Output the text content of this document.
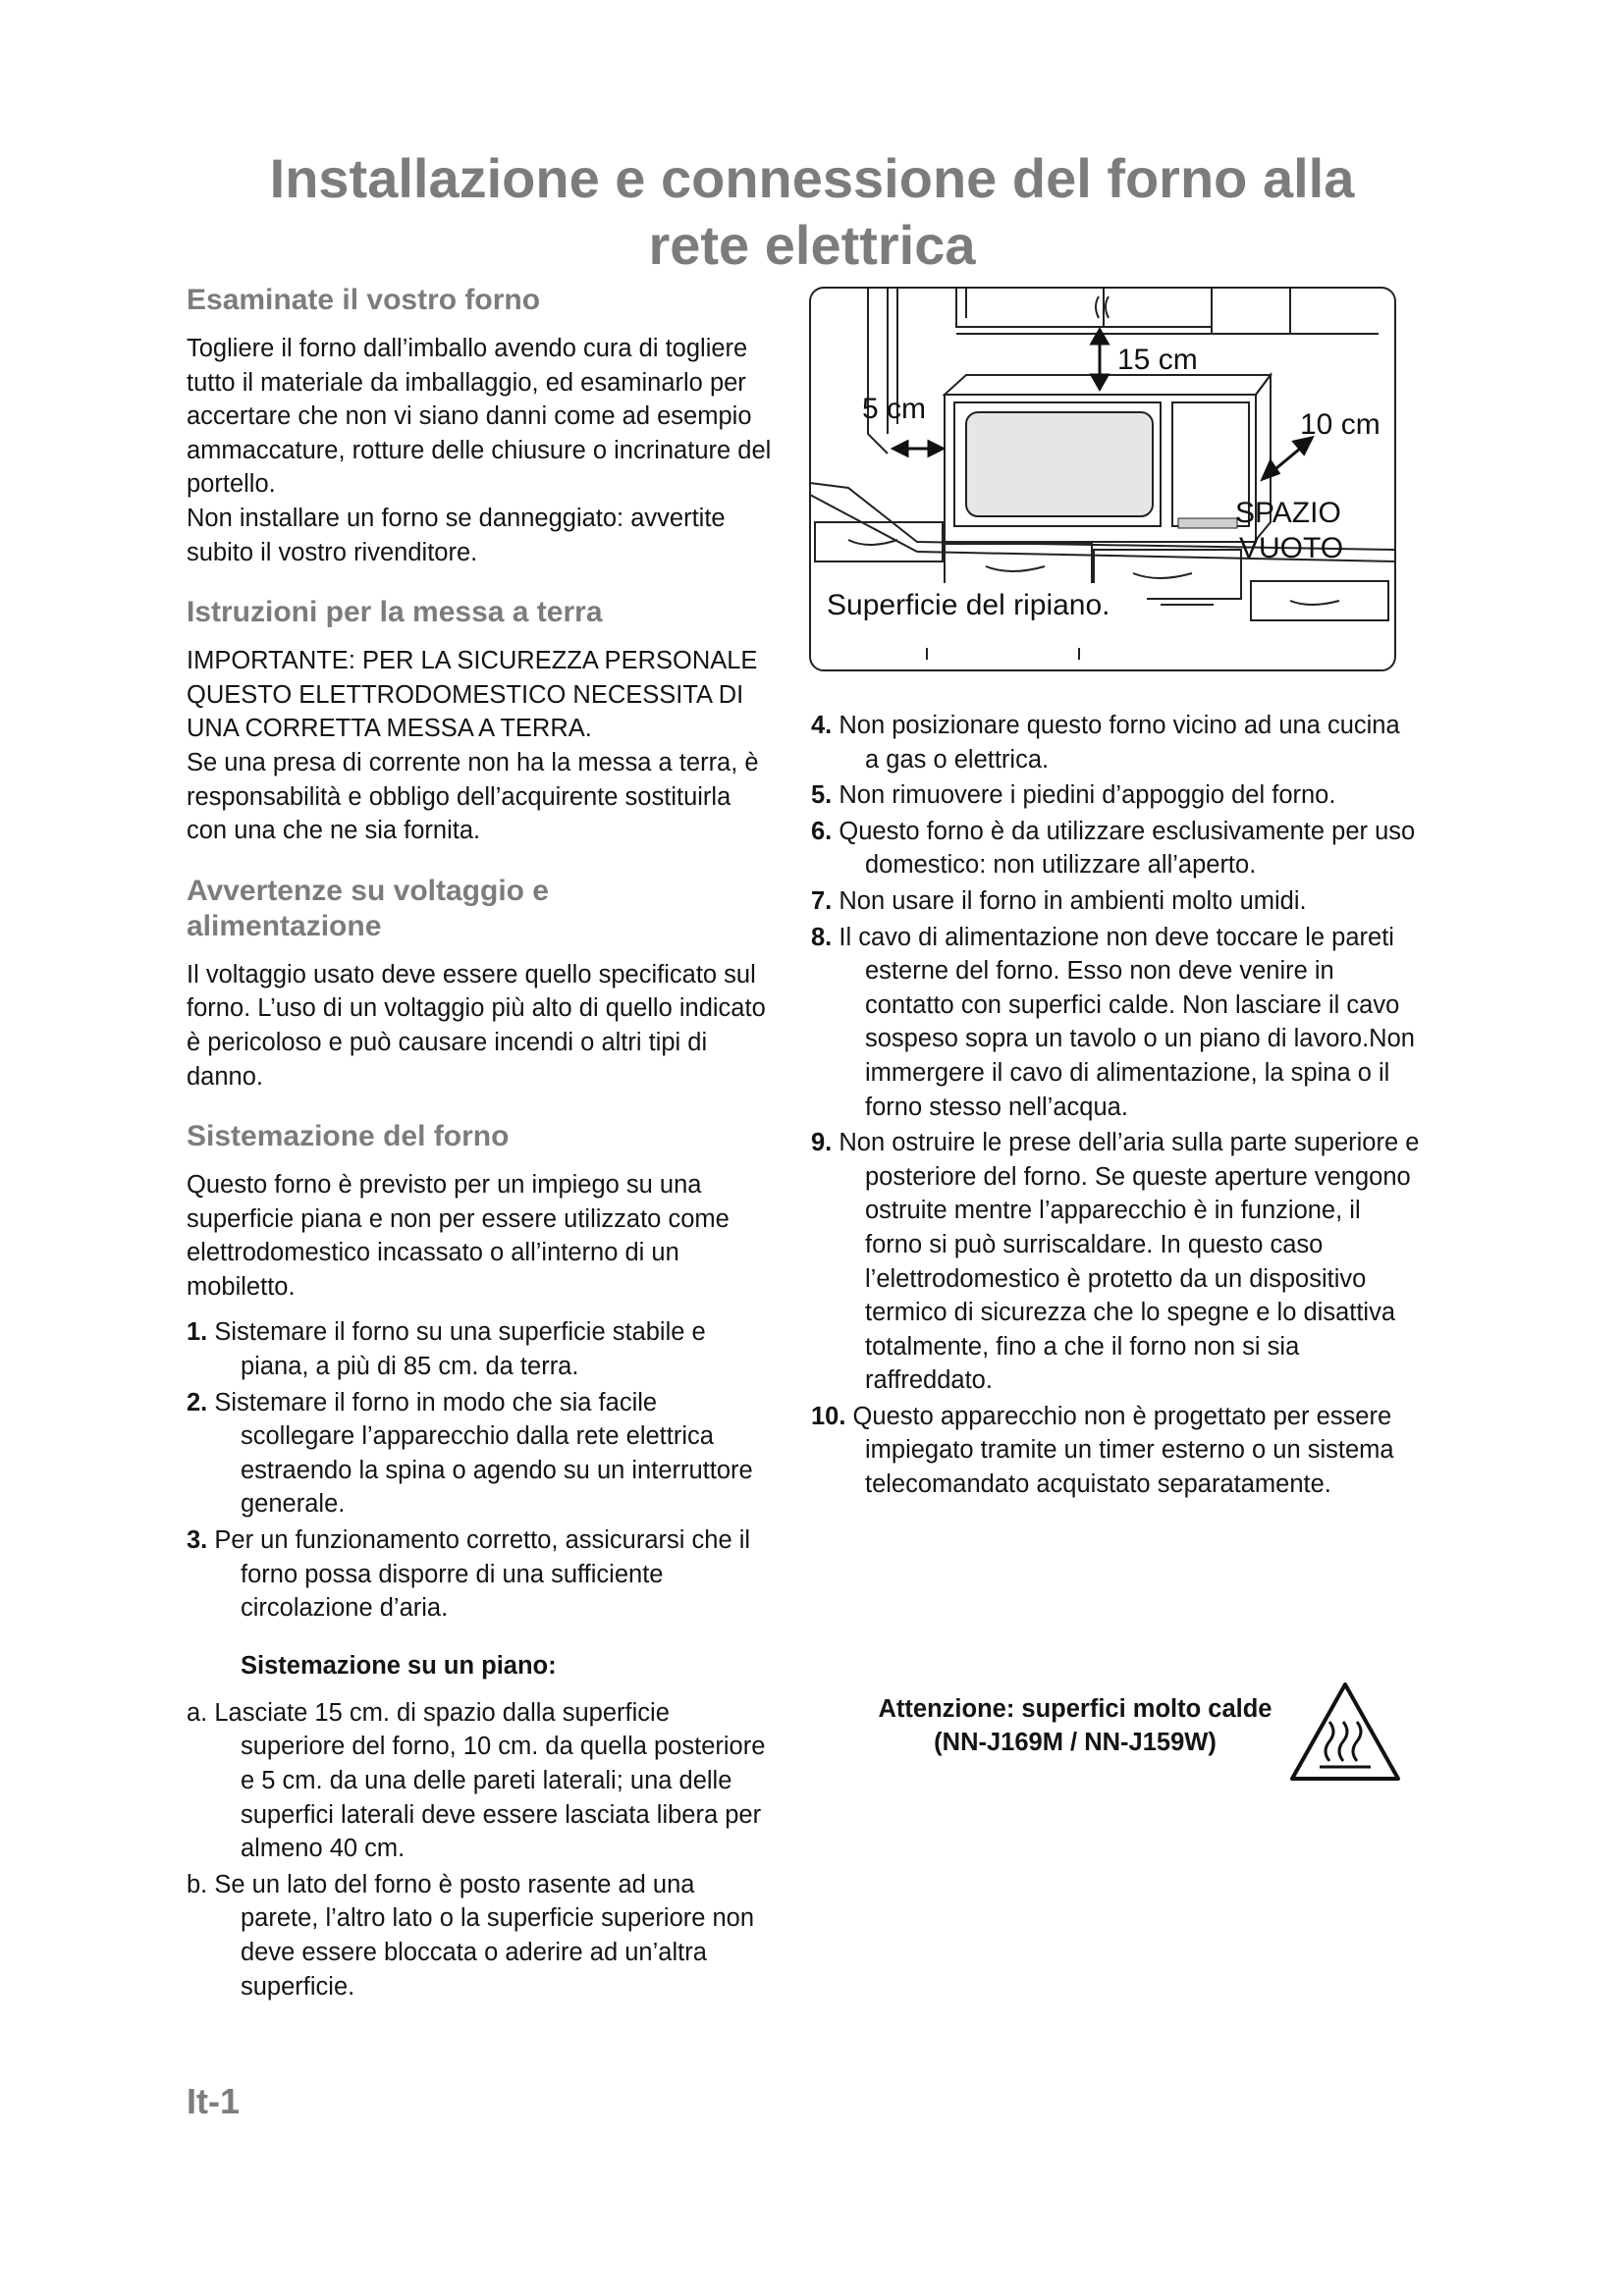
Installazione e connessione del forno alla
rete elettrica
Esaminate il vostro forno

Togliere il forno dall’imballo avendo cura di togliere tutto il materiale da imballaggio, ed esaminarlo per accertare che non vi siano danni come ad esempio ammaccature, rotture delle chiusure o incrinature del portello.

Non installare un forno se danneggiato: avvertite subito il vostro rivenditore.

Istruzioni per la messa a terra

IMPORTANTE: PER LA SICUREZZA PERSONALE QUESTO ELETTRODOMESTICO NECESSITA DI UNA CORRETTA MESSA A TERRA.

Se una presa di corrente non ha la messa a terra, è responsabilità e obbligo dell’acquirente sostituirla con una che ne sia fornita.

Avvertenze su voltaggio e alimentazione

Il voltaggio usato deve essere quello specificato sul forno. L’uso di un voltaggio più alto di quello indicato è pericoloso e può causare incendi o altri tipi di danno.

Sistemazione del forno

Questo forno è previsto per un impiego su una superficie piana e non per essere utilizzato come elettrodomestico incassato o all’interno di un mobiletto.

1. Sistemare il forno su una superficie stabile e piana, a più di 85 cm. da terra.
2. Sistemare il forno in modo che sia facile scollegare l’apparecchio dalla rete elettrica estraendo la spina o agendo su un interruttore generale.
3. Per un funzionamento corretto, assicurarsi che il forno possa disporre di una sufficiente circolazione d’aria.
Sistemazione su un piano:
a. Lasciate 15 cm. di spazio dalla superficie superiore del forno, 10 cm. da quella posteriore e 5 cm. da una delle pareti laterali; una delle superfici laterali deve essere lasciata libera per almeno 40 cm.
b. Se un lato del forno è posto rasente ad una parete, l’altro lato o la superficie superiore non deve essere bloccata o aderire ad un’altra superficie.
15 cm
5 cm	10 cm
SPAZIO
VUOTO
Superficie del ripiano.
4. Non posizionare questo forno vicino ad una cucina a gas o elettrica.
5. Non rimuovere i piedini d’appoggio del forno.
6. Questo forno è da utilizzare esclusivamente per uso domestico: non utilizzare all’aperto.
7. Non usare il forno in ambienti molto umidi.
8. Il cavo di alimentazione non deve toccare le pareti esterne del forno. Esso non deve venire in contatto con superfici calde. Non lasciare il cavo sospeso sopra un tavolo o un piano di lavoro.Non immergere il cavo di alimentazione, la spina o il forno stesso nell’acqua.
9. Non ostruire le prese dell’aria sulla parte superiore e posteriore del forno. Se queste aperture vengono ostruite mentre l’apparecchio è in funzione, il forno si può surriscaldare. In questo caso l’elettrodomestico è protetto da un dispositivo termico di sicurezza che lo spegne e lo disattiva totalmente, fino a che il forno non si sia raffreddato.
10. Questo apparecchio non è progettato per essere impiegato tramite un timer esterno o un sistema telecomandato acquistato separatamente.
Attenzione: superfici molto calde
(NN-J169M / NN-J159W)
It-1
